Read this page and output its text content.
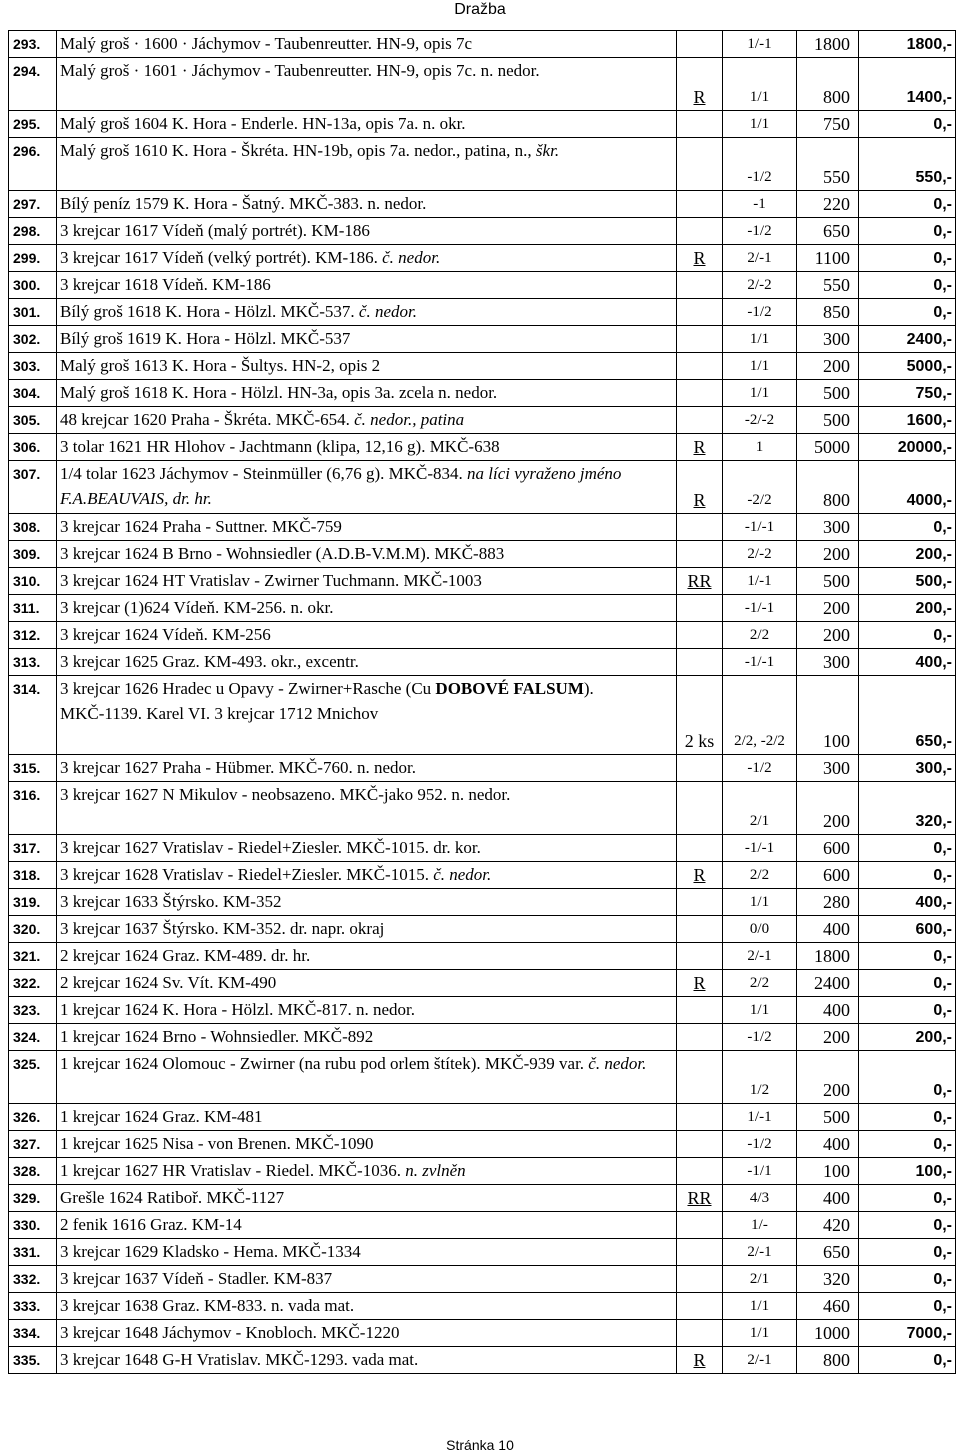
Dražba
293.	Malý groš · 1600 · Jáchymov - Taubenreutter. HN-9, opis 7c		1/-1	1800	1800,-
294.	Malý groš · 1601 · Jáchymov - Taubenreutter. HN-9, opis 7c. n. nedor.	R	1/1	800	1400,-
295.	Malý groš 1604 K. Hora - Enderle. HN-13a, opis 7a. n. okr.		1/1	750	0,-
296.	Malý groš 1610 K. Hora - Škréta. HN-19b, opis 7a. nedor., patina, n., škr.		-1/2	550	550,-
297.	Bílý peníz 1579 K. Hora - Šatný. MKČ-383. n. nedor.		-1	220	0,-
298.	3 krejcar 1617 Vídeň (malý portrét). KM-186		-1/2	650	0,-
299.	3 krejcar 1617 Vídeň (velký portrét). KM-186. č. nedor.	R	2/-1	1100	0,-
300.	3 krejcar 1618 Vídeň. KM-186		2/-2	550	0,-
301.	Bílý groš 1618 K. Hora - Hölzl. MKČ-537. č. nedor.		-1/2	850	0,-
302.	Bílý groš 1619 K. Hora - Hölzl. MKČ-537		1/1	300	2400,-
303.	Malý groš 1613 K. Hora - Šultys. HN-2, opis 2		1/1	200	5000,-
304.	Malý groš 1618 K. Hora - Hölzl. HN-3a, opis 3a. zcela n. nedor.		1/1	500	750,-
305.	48 krejcar 1620 Praha - Škréta. MKČ-654. č. nedor., patina		-2/-2	500	1600,-
306.	3 tolar 1621 HR Hlohov - Jachtmann (klipa, 12,16 g). MKČ-638	R	1	5000	20000,-
307.	1/4 tolar 1623 Jáchymov - Steinmüller (6,76 g). MKČ-834. na líci vyraženo jméno F.A.BEAUVAIS, dr. hr.	R	-2/2	800	4000,-
308.	3 krejcar 1624 Praha - Suttner. MKČ-759		-1/-1	300	0,-
309.	3 krejcar 1624 B Brno - Wohnsiedler (A.D.B-V.M.M). MKČ-883		2/-2	200	200,-
310.	3 krejcar 1624 HT Vratislav - Zwirner Tuchmann. MKČ-1003	RR	1/-1	500	500,-
311.	3 krejcar (1)624 Vídeň. KM-256. n. okr.		-1/-1	200	200,-
312.	3 krejcar 1624 Vídeň. KM-256		2/2	200	0,-
313.	3 krejcar 1625 Graz. KM-493. okr., excentr.		-1/-1	300	400,-
314.	3 krejcar 1626 Hradec u Opavy - Zwirner+Rasche (Cu DOBOVÉ FALSUM). MKČ-1139. Karel VI. 3 krejcar 1712 Mnichov	2 ks	2/2, -2/2	100	650,-
315.	3 krejcar 1627 Praha - Hübmer. MKČ-760. n. nedor.		-1/2	300	300,-
316.	3 krejcar 1627 N Mikulov - neobsazeno. MKČ-jako 952. n. nedor.		2/1	200	320,-
317.	3 krejcar 1627 Vratislav - Riedel+Ziesler. MKČ-1015. dr. kor.		-1/-1	600	0,-
318.	3 krejcar 1628 Vratislav - Riedel+Ziesler. MKČ-1015. č. nedor.	R	2/2	600	0,-
319.	3 krejcar 1633 Štýrsko. KM-352		1/1	280	400,-
320.	3 krejcar 1637 Štýrsko. KM-352. dr. napr. okraj		0/0	400	600,-
321.	2 krejcar 1624 Graz. KM-489. dr. hr.		2/-1	1800	0,-
322.	2 krejcar 1624 Sv. Vít. KM-490	R	2/2	2400	0,-
323.	1 krejcar 1624 K. Hora - Hölzl. MKČ-817. n. nedor.		1/1	400	0,-
324.	1 krejcar 1624 Brno - Wohnsiedler. MKČ-892		-1/2	200	200,-
325.	1 krejcar 1624 Olomouc - Zwirner (na rubu pod orlem štítek). MKČ-939 var. č. nedor.		1/2	200	0,-
326.	1 krejcar 1624 Graz. KM-481		1/-1	500	0,-
327.	1 krejcar 1625 Nisa - von Brenen. MKČ-1090		-1/2	400	0,-
328.	1 krejcar 1627 HR Vratislav - Riedel. MKČ-1036. n. zvlněn		-1/1	100	100,-
329.	Grešle 1624 Ratiboř. MKČ-1127	RR	4/3	400	0,-
330.	2 fenik 1616 Graz. KM-14		1/-	420	0,-
331.	3 krejcar 1629 Kladsko - Hema. MKČ-1334		2/-1	650	0,-
332.	3 krejcar 1637 Vídeň - Stadler. KM-837		2/1	320	0,-
333.	3 krejcar 1638 Graz. KM-833. n. vada mat.		1/1	460	0,-
334.	3 krejcar 1648 Jáchymov - Knobloch. MKČ-1220		1/1	1000	7000,-
335.	3 krejcar 1648 G-H Vratislav. MKČ-1293. vada mat.	R	2/-1	800	0,-
Stránka 10
